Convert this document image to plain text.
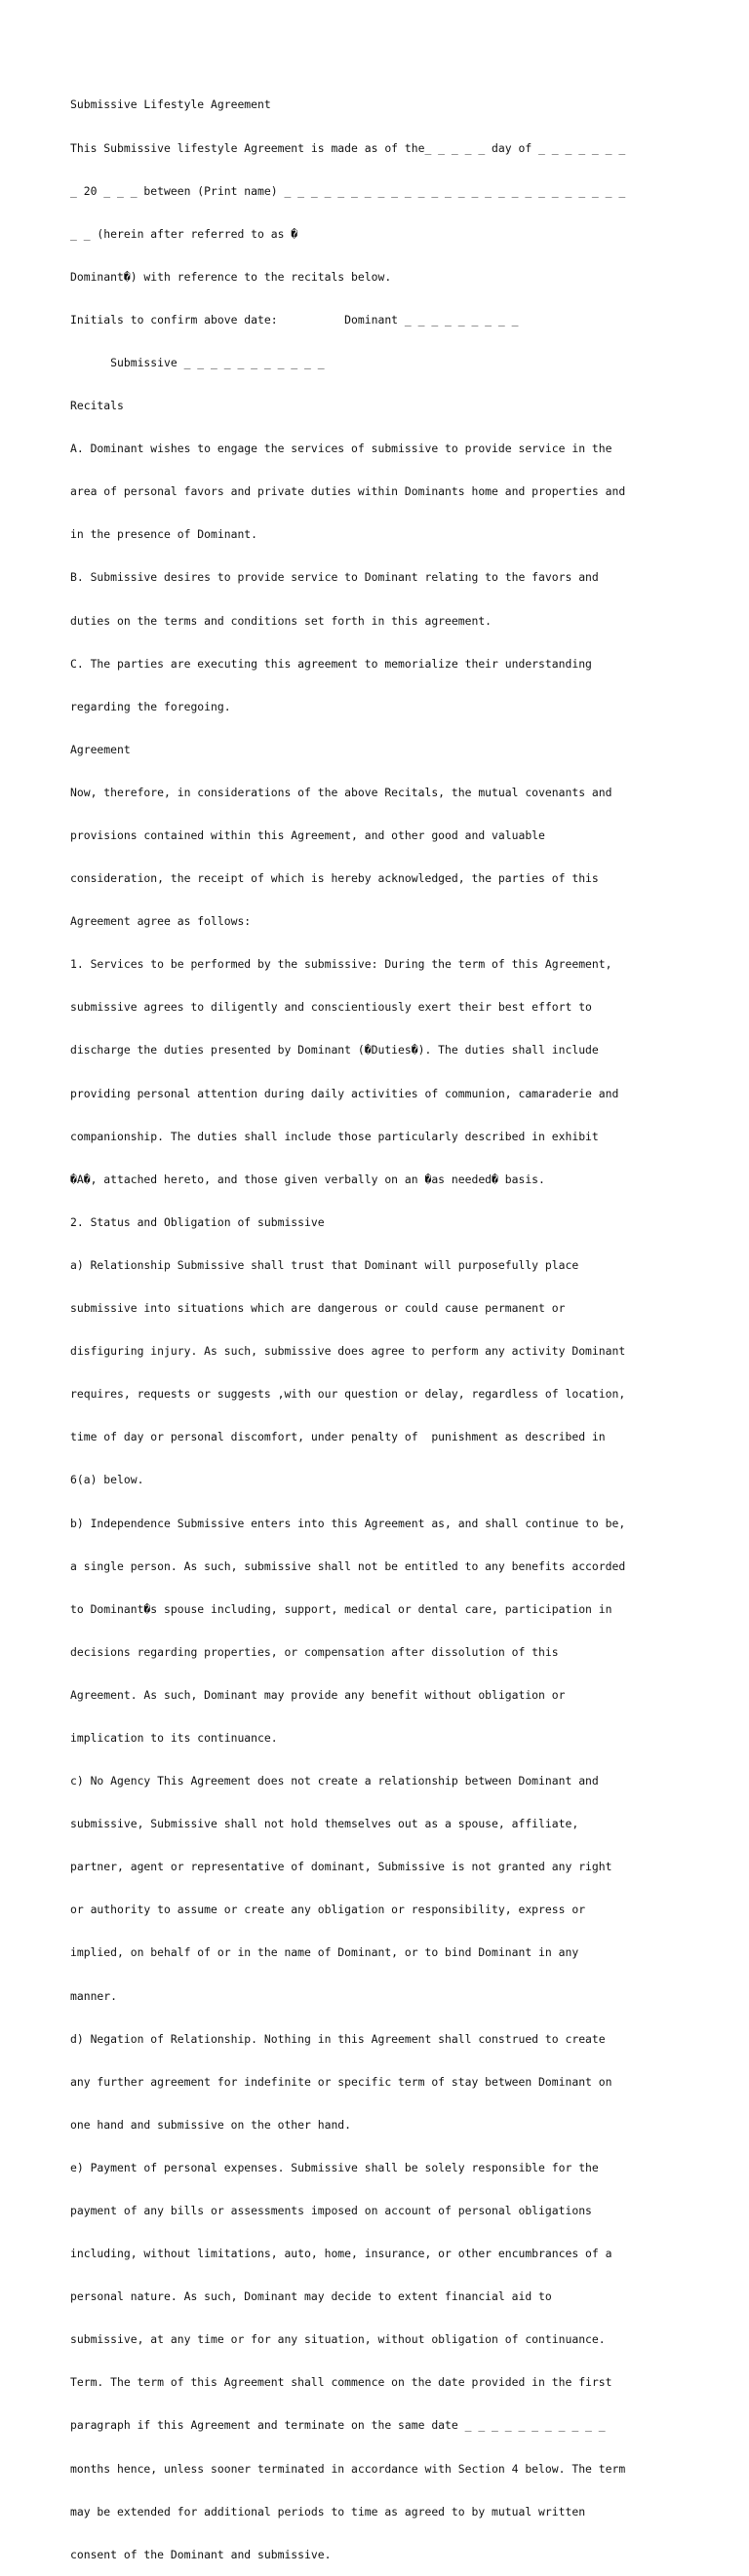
Submissive Lifestyle Agreement

This Submissive lifestyle Agreement is made as of the_ _ _ _ _ day of _ _ _ _ _ _ _

_ 20 _ _ _ between (Print name) _ _ _ _ _ _ _ _ _ _ _ _ _ _ _ _ _ _ _ _ _ _ _ _ _ _

_ _ (herein after referred to as �

Dominant�) with reference to the recitals below.

Initials to confirm above date:          Dominant _ _ _ _ _ _ _ _ _

Submissive _ _ _ _ _ _ _ _ _ _ _

Recitals

A. Dominant wishes to engage the services of submissive to provide service in the

area of personal favors and private duties within Dominants home and properties and

in the presence of Dominant.

B. Submissive desires to provide service to Dominant relating to the favors and

duties on the terms and conditions set forth in this agreement.

C. The parties are executing this agreement to memorialize their understanding

regarding the foregoing.

Agreement

Now, therefore, in considerations of the above Recitals, the mutual covenants and

provisions contained within this Agreement, and other good and valuable

consideration, the receipt of which is hereby acknowledged, the parties of this

Agreement agree as follows:

1. Services to be performed by the submissive: During the term of this Agreement,

submissive agrees to diligently and conscientiously exert their best effort to

discharge the duties presented by Dominant (�Duties�). The duties shall include

providing personal attention during daily activities of communion, camaraderie and

companionship. The duties shall include those particularly described in exhibit

�A�, attached hereto, and those given verbally on an �as needed� basis.

2. Status and Obligation of submissive

a) Relationship Submissive shall trust that Dominant will purposefully place

submissive into situations which are dangerous or could cause permanent or

disfiguring injury. As such, submissive does agree to perform any activity Dominant

requires, requests or suggests ,with our question or delay, regardless of location,

time of day or personal discomfort, under penalty of  punishment as described in

6(a) below.

b) Independence Submissive enters into this Agreement as, and shall continue to be,

a single person. As such, submissive shall not be entitled to any benefits accorded

to Dominant�s spouse including, support, medical or dental care, participation in

decisions regarding properties, or compensation after dissolution of this

Agreement. As such, Dominant may provide any benefit without obligation or

implication to its continuance.

c) No Agency This Agreement does not create a relationship between Dominant and

submissive, Submissive shall not hold themselves out as a spouse, affiliate,

partner, agent or representative of dominant, Submissive is not granted any right

or authority to assume or create any obligation or responsibility, express or

implied, on behalf of or in the name of Dominant, or to bind Dominant in any

manner.

d) Negation of Relationship. Nothing in this Agreement shall construed to create

any further agreement for indefinite or specific term of stay between Dominant on

one hand and submissive on the other hand.

e) Payment of personal expenses. Submissive shall be solely responsible for the

payment of any bills or assessments imposed on account of personal obligations

including, without limitations, auto, home, insurance, or other encumbrances of a

personal nature. As such, Dominant may decide to extent financial aid to

submissive, at any time or for any situation, without obligation of continuance.

Term. The term of this Agreement shall commence on the date provided in the first

paragraph if this Agreement and terminate on the same date _ _ _ _ _ _ _ _ _ _ _

months hence, unless sooner terminated in accordance with Section 4 below. The term

may be extended for additional periods to time as agreed to by mutual written

consent of the Dominant and submissive.
